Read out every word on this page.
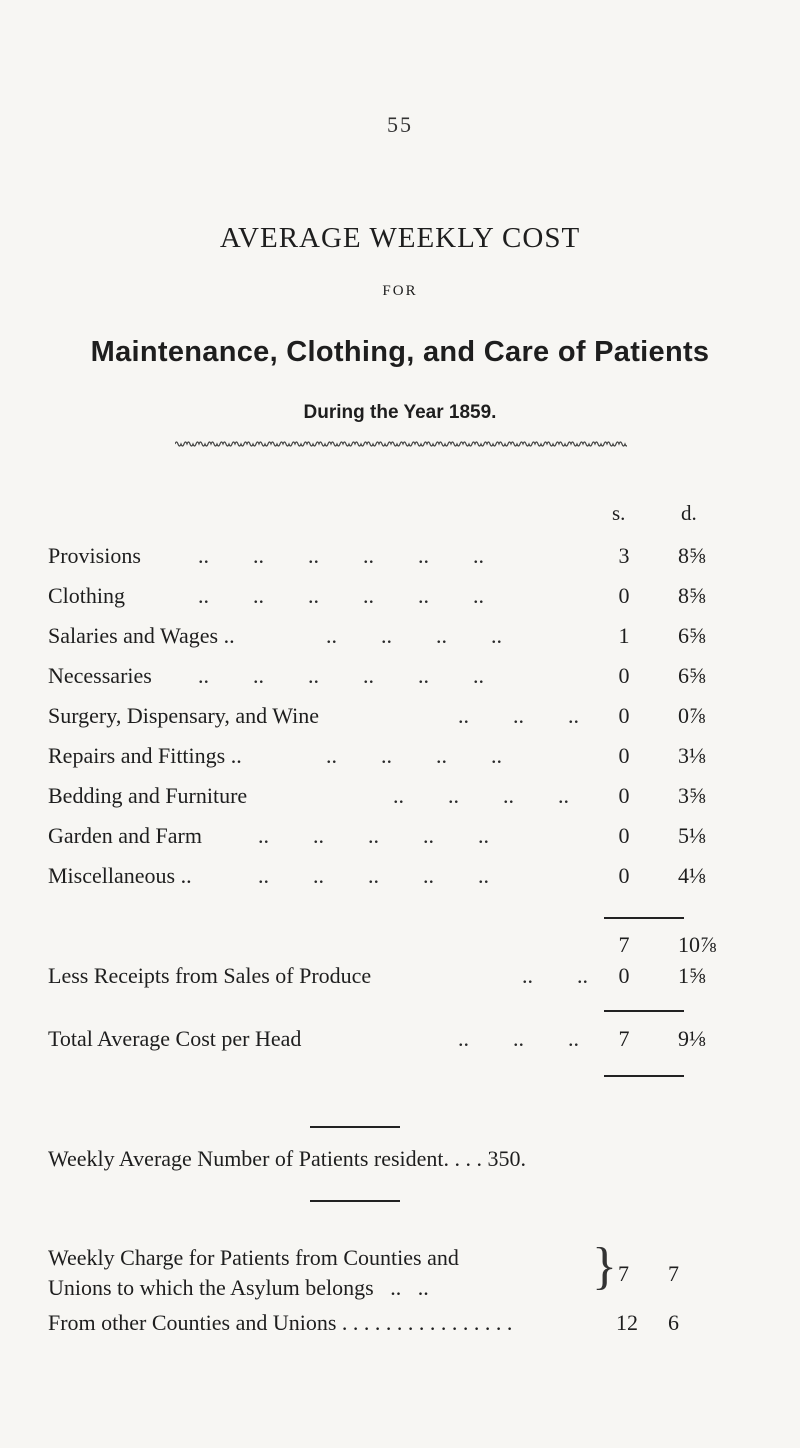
55
AVERAGE WEEKLY COST
FOR
Maintenance, Clothing, and Care of Patients
During the Year 1859.
s.	d.
Provisions	..        ..        ..        ..        ..        ..	3 8⅝
Clothing	..        ..        ..        ..        ..        ..	0 8⅝
Salaries and Wages ..	..        ..        ..        ..	1 6⅝
Necessaries ..        ..        ..        ..        ..        ..	0 6⅝
Surgery, Dispensary, and Wine	..        ..        .. 0 0⅞
Repairs and Fittings ..	..        ..        ..        ..	0 3⅛
Bedding and Furniture	..        ..        ..        .. 0 3⅝
Garden and Farm	..        ..        ..        ..        ..	0 5⅛
Miscellaneous ..	..        ..        ..        ..        ..	0 4⅛
7 10⅞
Less Receipts from Sales of Produce	..        .. 0 1⅝
Total Average Cost per Head	..        ..        .. 7 9⅛
Weekly Average Number of Patients resident. . . . 350.
Weekly Charge for Patients from Counties and
Unions to which the Asylum belongs   ..   ..	} 7 7
From other Counties and Unions . . . . . . . . . . . . . . . .	12 6
